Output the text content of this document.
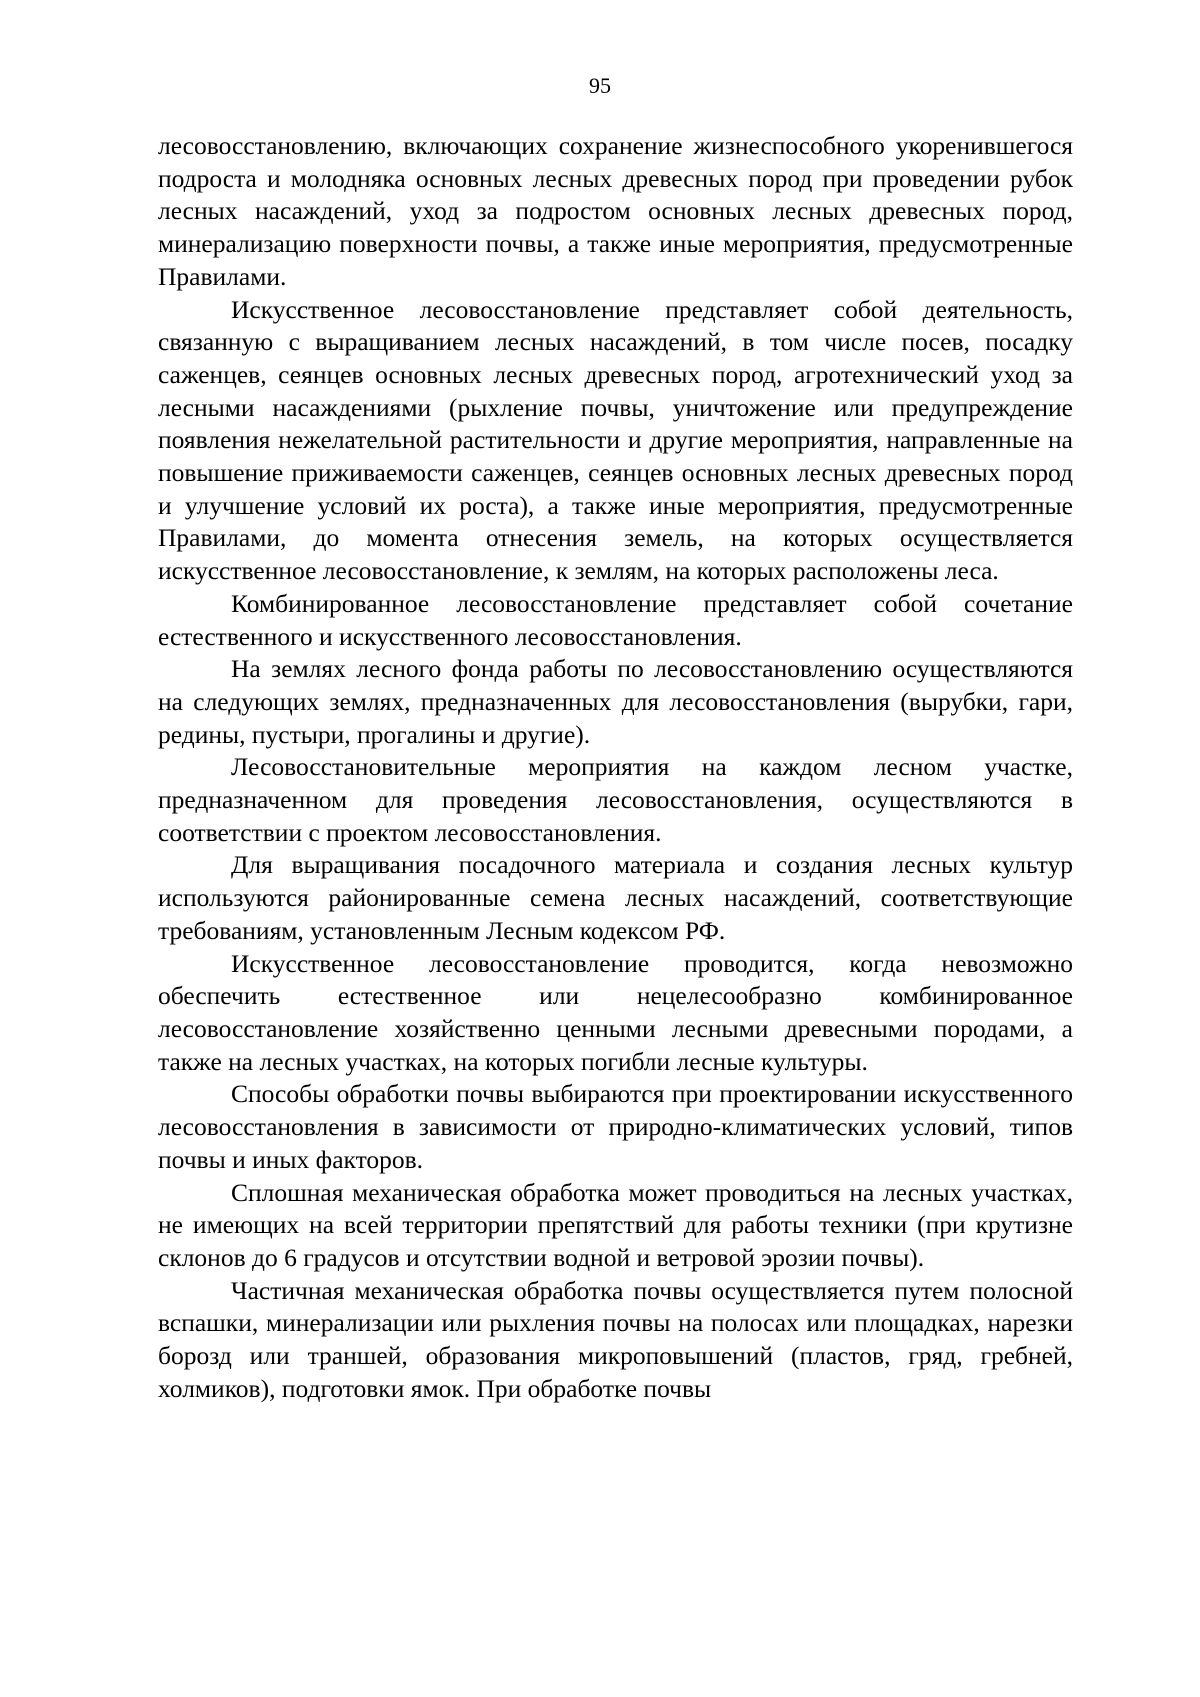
95

лесовосстановлению, включающих сохранение жизнеспособного укоренившегося подроста и молодняка основных лесных древесных пород при проведении рубок лесных насаждений, уход за подростом основных лесных древесных пород, минерализацию поверхности почвы, а также иные мероприятия, предусмотренные Правилами.

Искусственное лесовосстановление представляет собой деятельность, связанную с выращиванием лесных насаждений, в том числе посев, посадку саженцев, сеянцев основных лесных древесных пород, агротехнический уход за лесными насаждениями (рыхление почвы, уничтожение или предупреждение появления нежелательной растительности и другие мероприятия, направленные на повышение приживаемости саженцев, сеянцев основных лесных древесных пород и улучшение условий их роста), а также иные мероприятия, предусмотренные Правилами, до момента отнесения земель, на которых осуществляется искусственное лесовосстановление, к землям, на которых расположены леса.

Комбинированное лесовосстановление представляет собой сочетание естественного и искусственного лесовосстановления.

На землях лесного фонда работы по лесовосстановлению осуществляются на следующих землях, предназначенных для лесовосстановления (вырубки, гари, редины, пустыри, прогалины и другие).

Лесовосстановительные мероприятия на каждом лесном участке, предназначенном для проведения лесовосстановления, осуществляются в соответствии с проектом лесовосстановления.

Для выращивания посадочного материала и создания лесных культур используются районированные семена лесных насаждений, соответствующие требованиям, установленным Лесным кодексом РФ.

Искусственное лесовосстановление проводится, когда невозможно обеспечить естественное или нецелесообразно комбинированное лесовосстановление хозяйственно ценными лесными древесными породами, а также на лесных участках, на которых погибли лесные культуры.

Способы обработки почвы выбираются при проектировании искусственного лесовосстановления в зависимости от природно-климатических условий, типов почвы и иных факторов.

Сплошная механическая обработка может проводиться на лесных участках, не имеющих на всей территории препятствий для работы техники (при крутизне склонов до 6 градусов и отсутствии водной и ветровой эрозии почвы).

Частичная механическая обработка почвы осуществляется путем полосной вспашки, минерализации или рыхления почвы на полосах или площадках, нарезки борозд или траншей, образования микроповышений (пластов, гряд, гребней, холмиков), подготовки ямок. При обработке почвы
